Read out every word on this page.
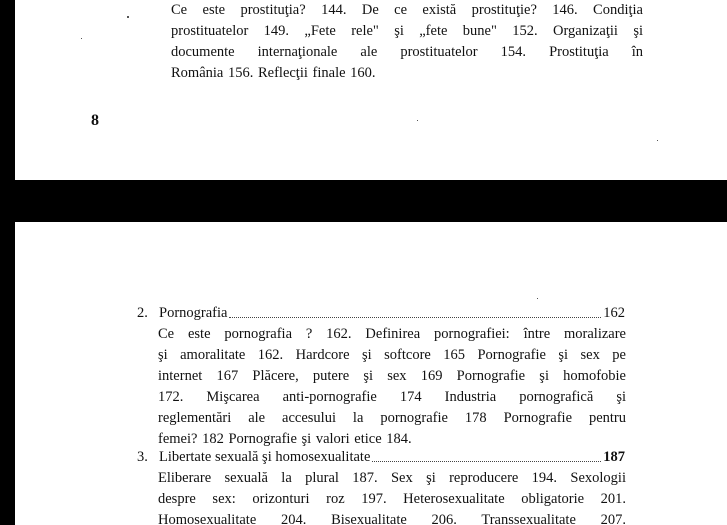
Ce este prostituţia? 144. De ce există prostituţie? 146. Condiţia
prostituatelor 149. „Fete rele" şi „fete bune" 152. Organizaţii şi
documente internaţionale ale prostituatelor 154. Prostituţia în
România 156. Reflecţii finale 160.
8
2. Pornografia	162
Ce este pornografia ? 162. Definirea pornografiei: între moralizare
şi amoralitate 162. Hardcore şi softcore 165 Pornografie şi sex pe
internet 167 Plăcere, putere şi sex 169 Pornografie şi homofobie
172. Mişcarea anti-pornografie 174 Industria pornografică şi
reglementări ale accesului la pornografie 178 Pornografie pentru
femei? 182 Pornografie şi valori etice 184.
3. Libertate sexuală şi homosexualitate	187
Eliberare sexuală la plural 187. Sex şi reproducere 194. Sexologii
despre sex: orizonturi roz 197. Heterosexualitate obligatorie 201.
Homosexualitate 204. Bisexualitate 206. Transsexualitate 207.
